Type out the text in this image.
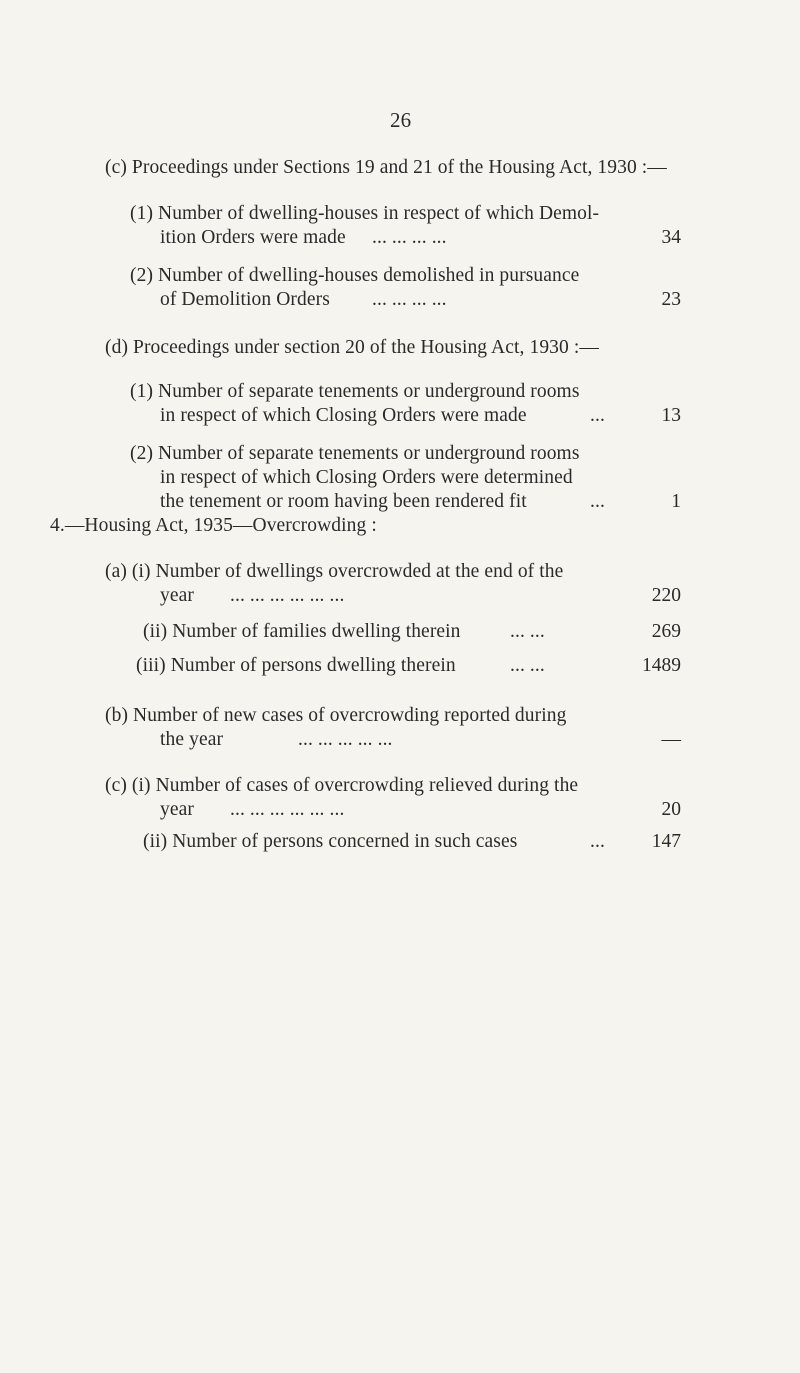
26
(c) Proceedings under Sections 19 and 21 of the Housing Act, 1930 :—
(1) Number of dwelling-houses in respect of which Demol-
ition Orders were made ... ... ... ...	34
(2) Number of dwelling-houses demolished in pursuance
of Demolition Orders ... ... ... ...	23
(d) Proceedings under section 20 of the Housing Act, 1930 :—
(1) Number of separate tenements or underground rooms
in respect of which Closing Orders were made	...	13
(2) Number of separate tenements or underground rooms
in respect of which Closing Orders were determined
the tenement or room having been rendered fit	...	1
4.—Housing Act, 1935—Overcrowding :
(a) (i) Number of dwellings overcrowded at the end of the
year ... ... ... ... ... ...	220
(ii) Number of families dwelling therein	... ...	269
(iii) Number of persons dwelling therein	... ...	1489
(b) Number of new cases of overcrowding reported during
the year	... ... ... ... ...	—
(c) (i) Number of cases of overcrowding relieved during the
year ... ... ... ... ... ...	20
(ii) Number of persons concerned in such cases	...	147
